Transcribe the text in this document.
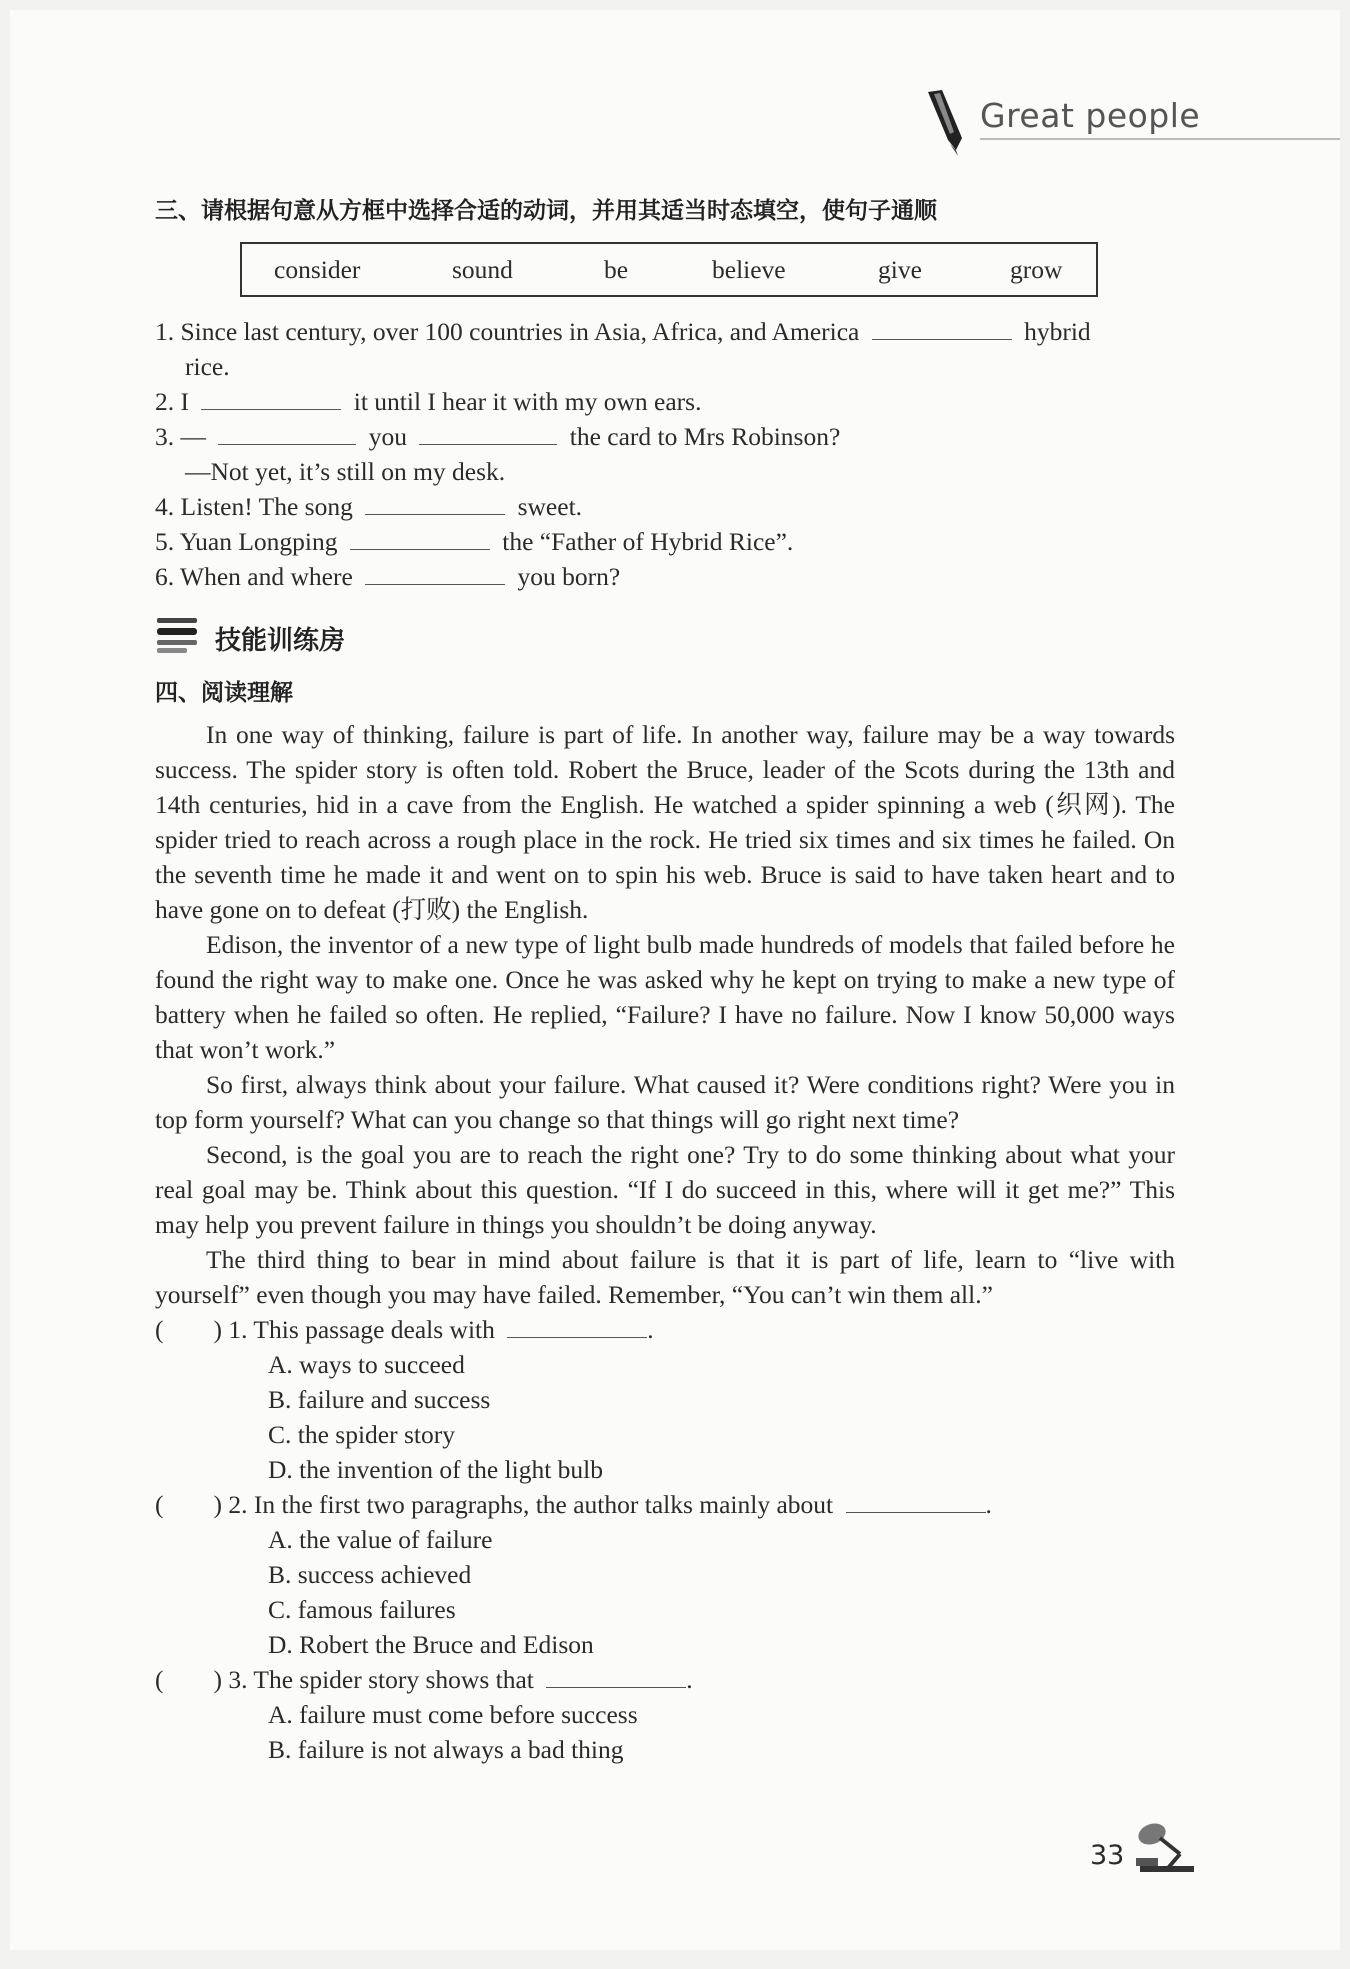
Great people
三、请根据句意从方框中选择合适的动词，并用其适当时态填空，使句子通顺
consider	sound	be	believe	give	grow
1. Since last century, over 100 countries in Asia, Africa, and America	hybrid
rice.
2. I	it until I hear it with my own ears.
3. —	you	the card to Mrs Robinson?
—Not yet, it’s still on my desk.
4. Listen! The song	sweet.
5. Yuan Longping	the “Father of Hybrid Rice”.
6. When and where	you born?
技能训练房
四、阅读理解

In one way of thinking, failure is part of life. In another way, failure may be a way towards success. The spider story is often told. Robert the Bruce, leader of the Scots during the 13th and 14th centuries, hid in a cave from the English. He watched a spider spinning a web (织网). The spider tried to reach across a rough place in the rock. He tried six times and six times he failed. On the seventh time he made it and went on to spin his web. Bruce is said to have taken heart and to have gone on to defeat (打败) the English.

Edison, the inventor of a new type of light bulb made hundreds of models that failed before he found the right way to make one. Once he was asked why he kept on trying to make a new type of battery when he failed so often. He replied, “Failure? I have no failure. Now I know 50,000 ways that won’t work.”

So first, always think about your failure. What caused it? Were conditions right? Were you in top form yourself? What can you change so that things will go right next time?

Second, is the goal you are to reach the right one? Try to do some thinking about what your real goal may be. Think about this question. “If I do succeed in this, where will it get me?” This may help you prevent failure in things you shouldn’t be doing anyway.

The third thing to bear in mind about failure is that it is part of life, learn to “live with yourself” even though you may have failed. Remember, “You can’t win them all.”

( ) 1. This passage deals with	.
A. ways to succeed
B. failure and success
C. the spider story
D. the invention of the light bulb
( ) 2. In the first two paragraphs, the author talks mainly about	.
A. the value of failure
B. success achieved
C. famous failures
D. Robert the Bruce and Edison
( ) 3. The spider story shows that	.
A. failure must come before success
B. failure is not always a bad thing
33
